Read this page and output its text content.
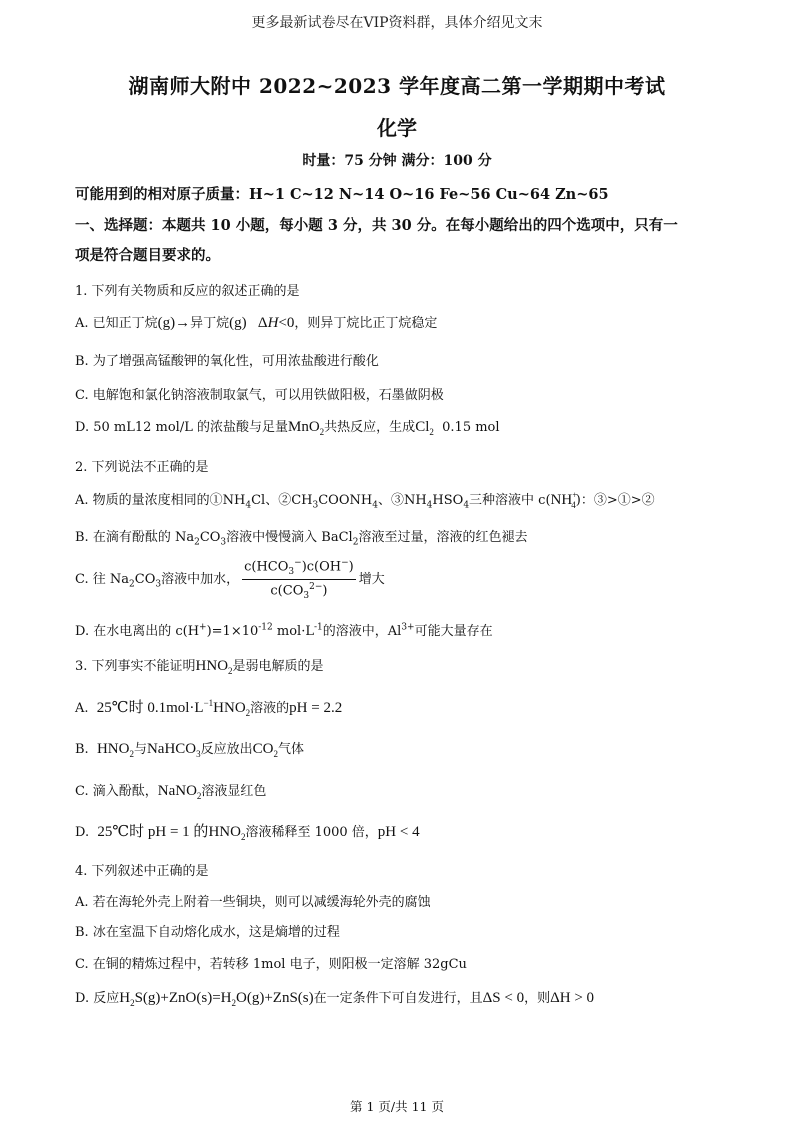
更多最新试卷尽在VIP资料群，具体介绍见文末
湖南师大附中 2022~2023 学年度高二第一学期期中考试
化学
时量：75 分钟 满分：100 分
可能用到的相对原子质量：H~1 C~12 N~14 O~16 Fe~56 Cu~64 Zn~65
一、选择题：本题共 10 小题，每小题 3 分，共 30 分。在每小题给出的四个选项中，只有一
项是符合题目要求的。
1. 下列有关物质和反应的叙述正确的是
A. 已知正丁烷(g)→异丁烷(g)   ΔH<0，则异丁烷比正丁烷稳定
B. 为了增强高锰酸钾的氧化性，可用浓盐酸进行酸化
C. 电解饱和氯化钠溶液制取氯气，可以用铁做阳极，石墨做阴极
D. 50 mL12 mol/L 的浓盐酸与足量MnO$_2$共热反应，生成$Cl_2$ 0.15 mol
2. 下列说法不正确的是
A. 物质的量浓度相同的$①NH_4Cl$、$②CH_3COONH_4$、$③NH_4HSO_4$三种溶液中 $c(NH^+_4)$：③>①>②
B. 在滴有酚酞的 $Na_2CO_3$溶液中慢慢滴入 BaCl$_2$溶液至过量，溶液的红色褪去
C. 往 $Na_2CO_3$溶液中加水， $\frac{c(HCO_3^-)c(OH^-)}{c(CO_3^{2-})}$ 增大
D. 在水电离出的 $c(H^+)=1\times 10^{-12}$ $mol\cdot L^{-1}$的溶液中，$Al^{3+}$可能大量存在
3. 下列事实不能证明$HNO_2$是弱电解质的是
A. 25℃时 $0.1mol\cdot L^{-1}HNO_2$溶液的pH = 2.2
B. $HNO_2$与NaHCO$_3$反应放出$CO_2$气体
C. 滴入酚酞，NaNO$_2$溶液显红色
D. 25℃时 pH = 1 的$HNO_2$溶液稀释至 1000 倍，pH < 4
4. 下列叙述中正确的是
A. 若在海轮外壳上附着一些铜块，则可以减缓海轮外壳的腐蚀
B. 冰在室温下自动熔化成水，这是熵增的过程
C. 在铜的精炼过程中，若转移 1mol 电子，则阳极一定溶解 32gCu
D. 反应$H_2S(g)+ZnO(s)=H_2O(g)+ZnS(s)$在一定条件下可自发进行，且ΔS < 0，则ΔH > 0
第 1 页/共 11 页
